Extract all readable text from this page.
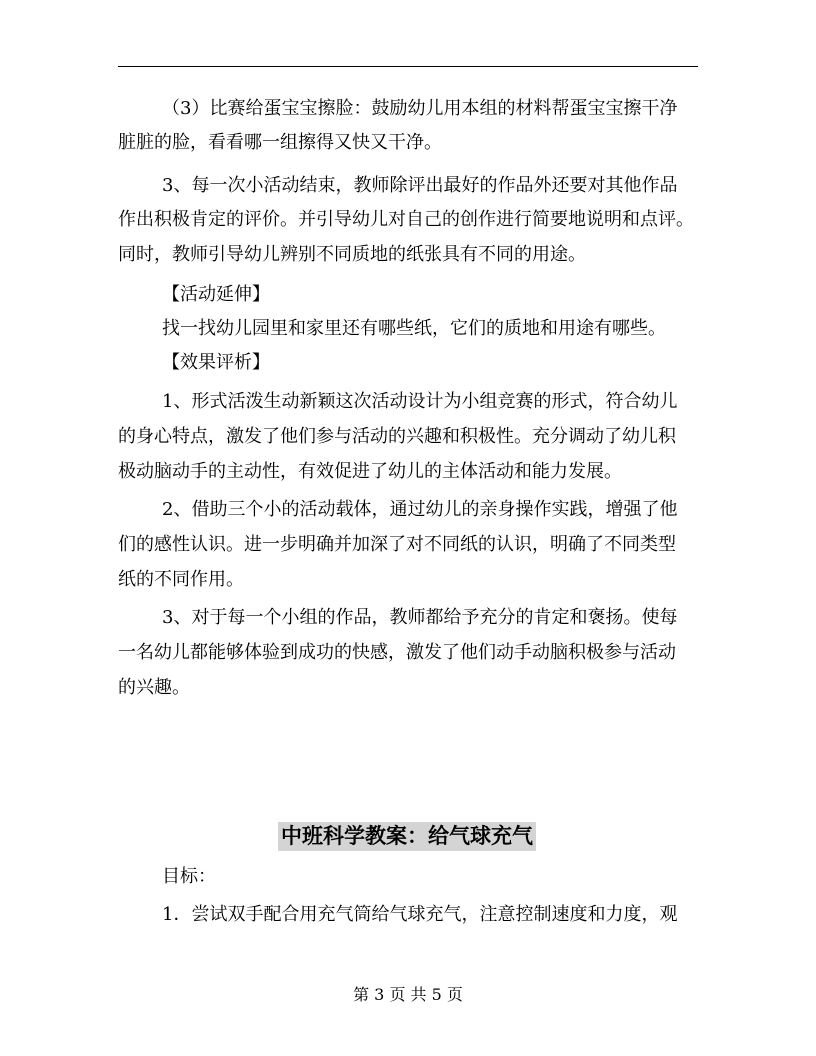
（3）比赛给蛋宝宝擦脸：鼓励幼儿用本组的材料帮蛋宝宝擦干净
脏脏的脸，看看哪一组擦得又快又干净。
3、每一次小活动结束，教师除评出最好的作品外还要对其他作品
作出积极肯定的评价。并引导幼儿对自己的创作进行简要地说明和点评。
同时，教师引导幼儿辨别不同质地的纸张具有不同的用途。
【活动延伸】
找一找幼儿园里和家里还有哪些纸，它们的质地和用途有哪些。
【效果评析】
1、形式活泼生动新颖这次活动设计为小组竞赛的形式，符合幼儿
的身心特点，激发了他们参与活动的兴趣和积极性。充分调动了幼儿积
极动脑动手的主动性，有效促进了幼儿的主体活动和能力发展。
2、借助三个小的活动载体，通过幼儿的亲身操作实践，增强了他
们的感性认识。进一步明确并加深了对不同纸的认识，明确了不同类型
纸的不同作用。
3、对于每一个小组的作品，教师都给予充分的肯定和褒扬。使每
一名幼儿都能够体验到成功的快感，激发了他们动手动脑积极参与活动
的兴趣。
中班科学教案：给气球充气
目标：
1．尝试双手配合用充气筒给气球充气，注意控制速度和力度，观
第 3 页 共 5 页
